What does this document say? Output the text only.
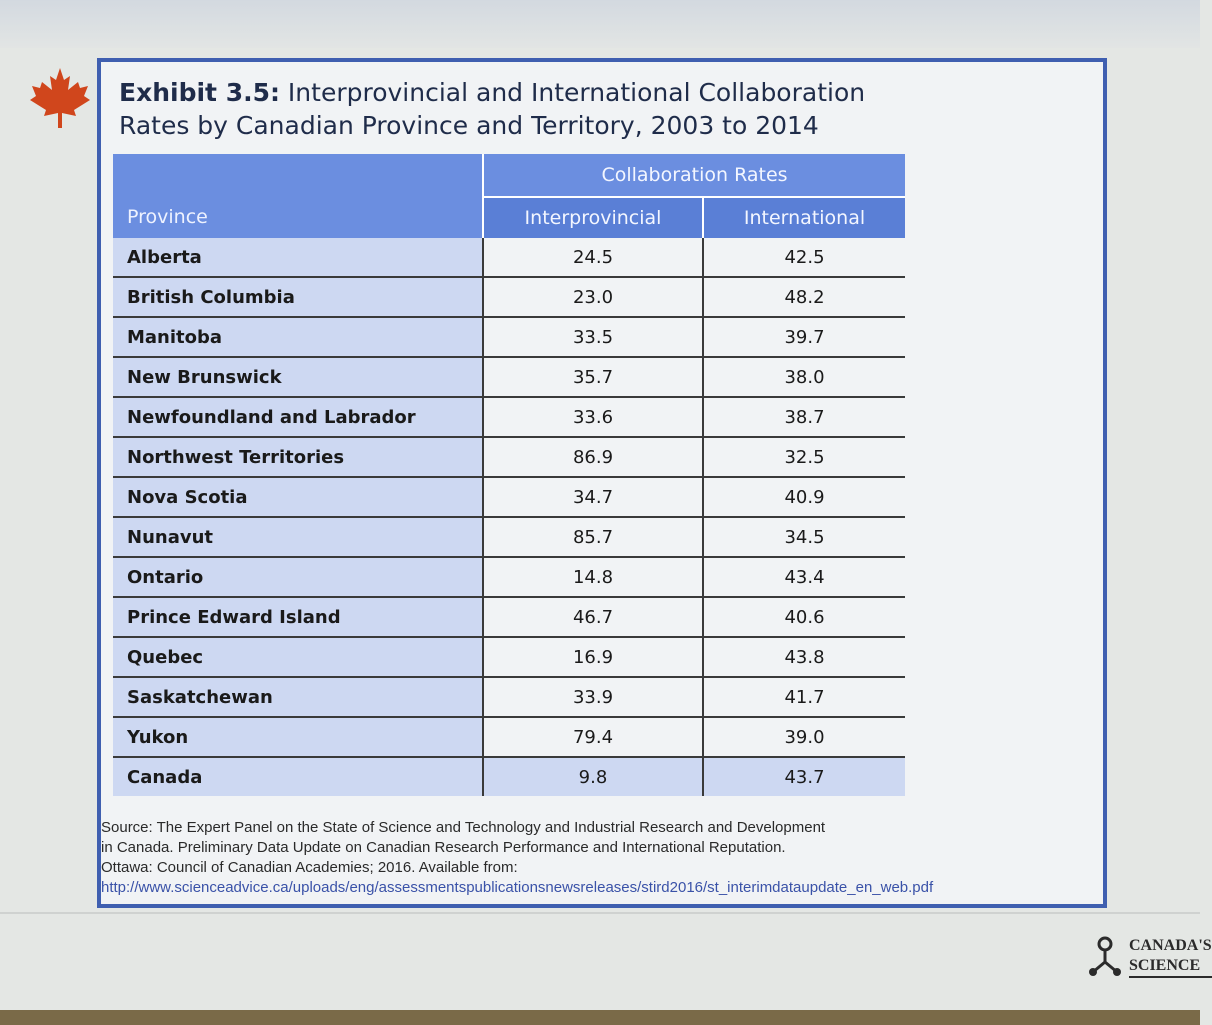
Exhibit 3.5: Interprovincial and International Collaboration
Rates by Canadian Province and Territory, 2003 to 2014
Province	Collaboration Rates	
	Interprovincial	International
Alberta	24.5	42.5
British Columbia	23.0	48.2
Manitoba	33.5	39.7
New Brunswick	35.7	38.0
Newfoundland and Labrador	33.6	38.7
Northwest Territories	86.9	32.5
Nova Scotia	34.7	40.9
Nunavut	85.7	34.5
Ontario	14.8	43.4
Prince Edward Island	46.7	40.6
Quebec	16.9	43.8
Saskatchewan	33.9	41.7
Yukon	79.4	39.0
Canada	9.8	43.7

Source: The Expert Panel on the State of Science and Technology and Industrial Research and Development in Canada. Preliminary Data Update on Canadian Research Performance and International Reputation. Ottawa: Council of Canadian Academies; 2016. Available from:
http://www.scienceadvice.ca/uploads/eng/assessmentspublicationsnewsreleases/stird2016/st_interimdataupdate_en_web.pdf

CANADA'S
SCIENCE
